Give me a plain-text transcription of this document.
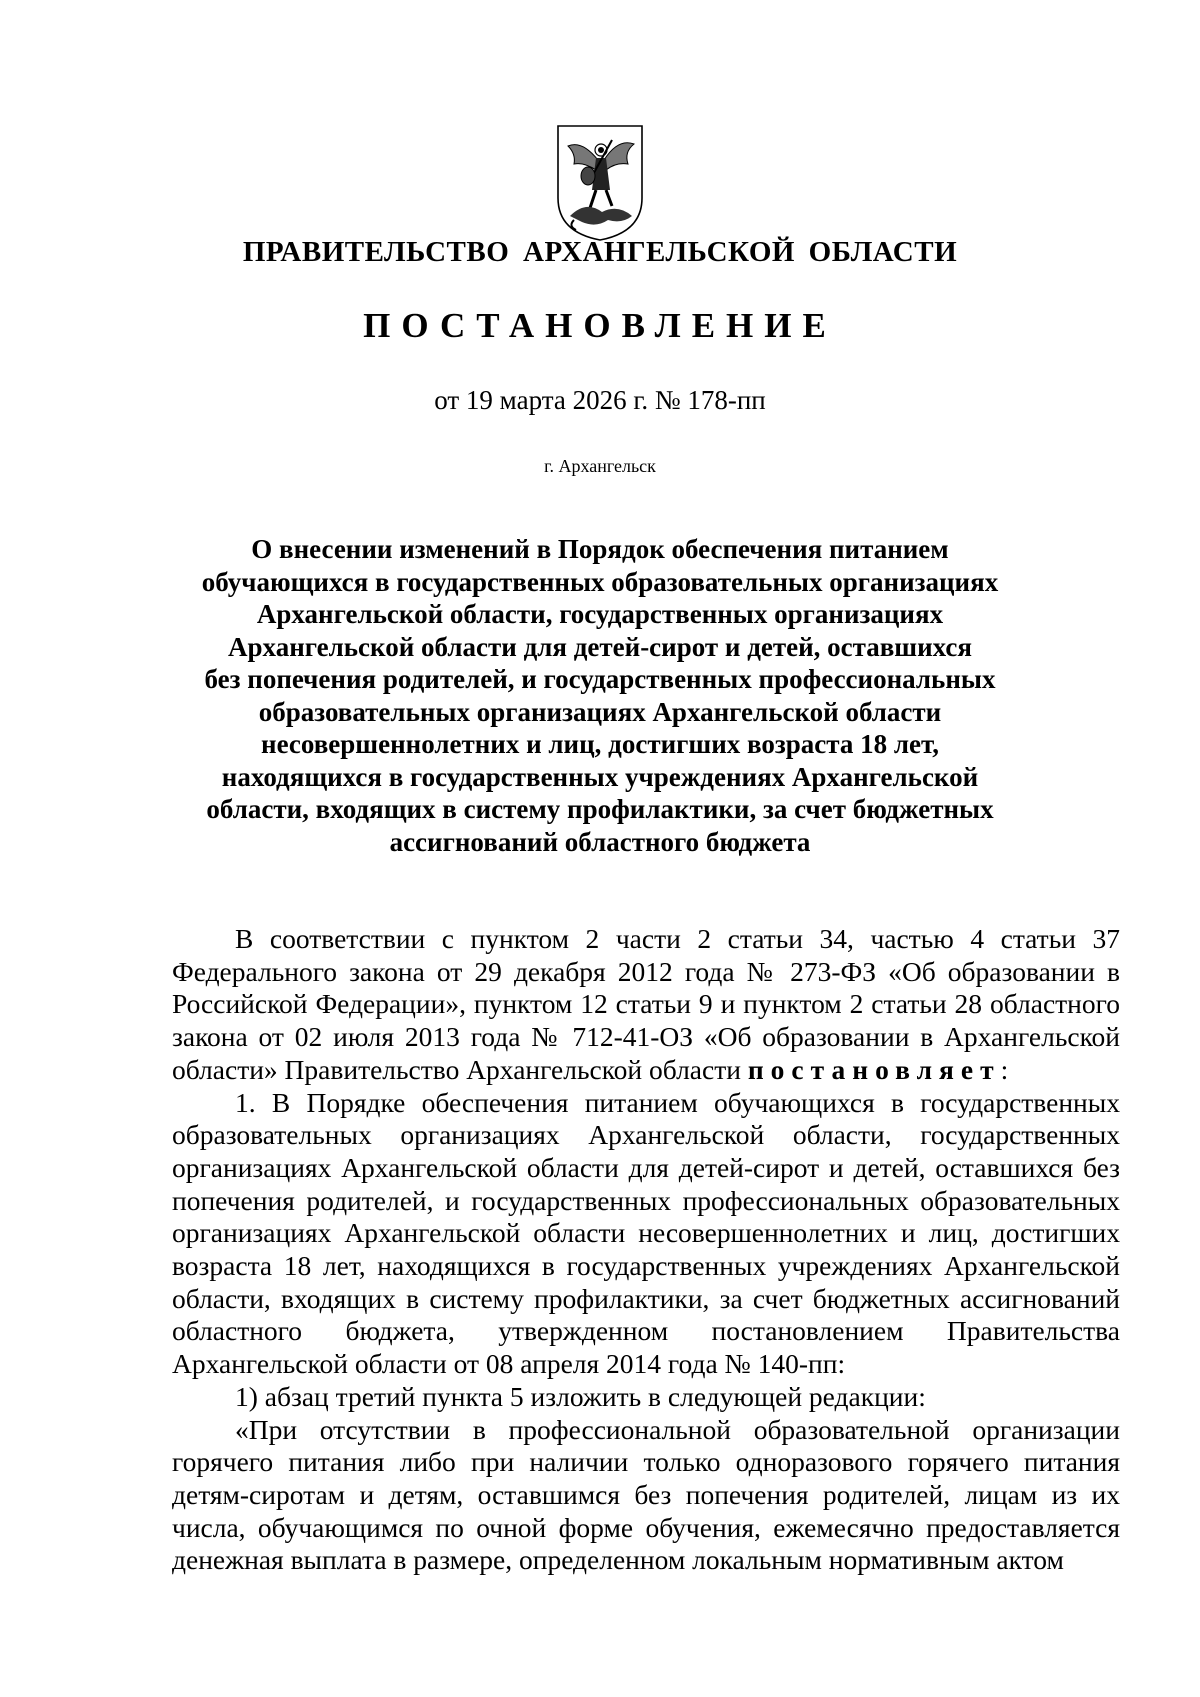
ПРАВИТЕЛЬСТВО АРХАНГЕЛЬСКОЙ ОБЛАСТИ
ПОСТАНОВЛЕНИЕ
от 19 марта 2026 г. № 178-пп
г. Архангельск
О внесении изменений в Порядок обеспечения питанием
обучающихся в государственных образовательных организациях
Архангельской области, государственных организациях
Архангельской области для детей-сирот и детей, оставшихся
без попечения родителей, и государственных профессиональных
образовательных организациях Архангельской области
несовершеннолетних и лиц, достигших возраста 18 лет,
находящихся в государственных учреждениях Архангельской
области, входящих в систему профилактики, за счет бюджетных
ассигнований областного бюджета

В соответствии с пунктом 2 части 2 статьи 34, частью 4 статьи 37 Федерального закона от 29 декабря 2012 года № 273-ФЗ «Об образовании в Российской Федерации», пунктом 12 статьи 9 и пунктом 2 статьи 28 областного закона от 02 июля 2013 года № 712-41-ОЗ «Об образовании в Архангельской области» Правительство Архангельской области постановляет:

1. В Порядке обеспечения питанием обучающихся в государственных образовательных организациях Архангельской области, государственных организациях Архангельской области для детей-сирот и детей, оставшихся без попечения родителей, и государственных профессиональных образовательных организациях Архангельской области несовершеннолетних и лиц, достигших возраста 18 лет, находящихся в государственных учреждениях Архангельской области, входящих в систему профилактики, за счет бюджетных ассигнований областного бюджета, утвержденном постановлением Правительства Архангельской области от 08 апреля 2014 года № 140-пп:

1) абзац третий пункта 5 изложить в следующей редакции:

«При отсутствии в профессиональной образовательной организации горячего питания либо при наличии только одноразового горячего питания детям-сиротам и детям, оставшимся без попечения родителей, лицам из их числа, обучающимся по очной форме обучения, ежемесячно предоставляется денежная выплата в размере, определенном локальным нормативным актом
